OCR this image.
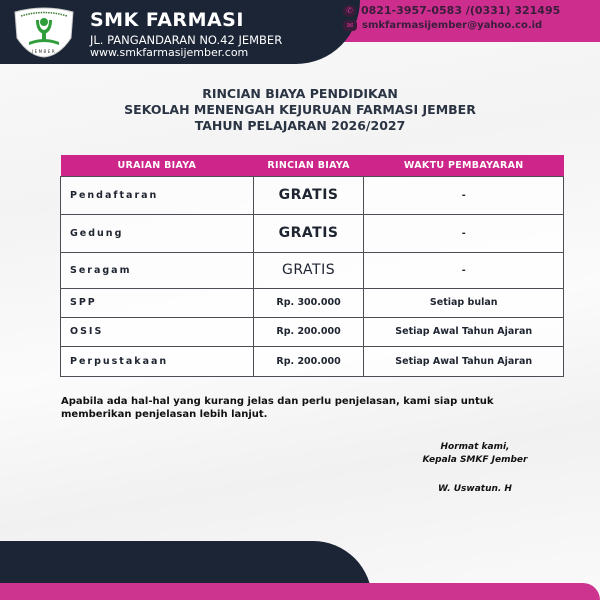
JEMBER
SMK FARMASI
JL. PANGANDARAN NO.42 JEMBER
www.smkfarmasijember.com
✆ 0821-3957-0583 /(0331) 321495
✉ smkfarmasijember@yahoo.co.id
RINCIAN BIAYA PENDIDIKAN
SEKOLAH MENENGAH KEJURUAN FARMASI JEMBER
TAHUN PELAJARAN 2026/2027
URAIAN BIAYA	RINCIAN BIAYA	WAKTU PEMBAYARAN
Pendaftaran	GRATIS	-
Gedung	GRATIS	-
Seragam	GRATIS	-
SPP	Rp. 300.000	Setiap bulan
OSIS	Rp. 200.000	Setiap Awal Tahun Ajaran
Perpustakaan	Rp. 200.000	Setiap Awal Tahun Ajaran
Apabila ada hal-hal yang kurang jelas dan perlu penjelasan, kami siap untuk memberikan penjelasan lebih lanjut.
Hormat kami,
Kepala SMKF Jember
W. Uswatun. H
